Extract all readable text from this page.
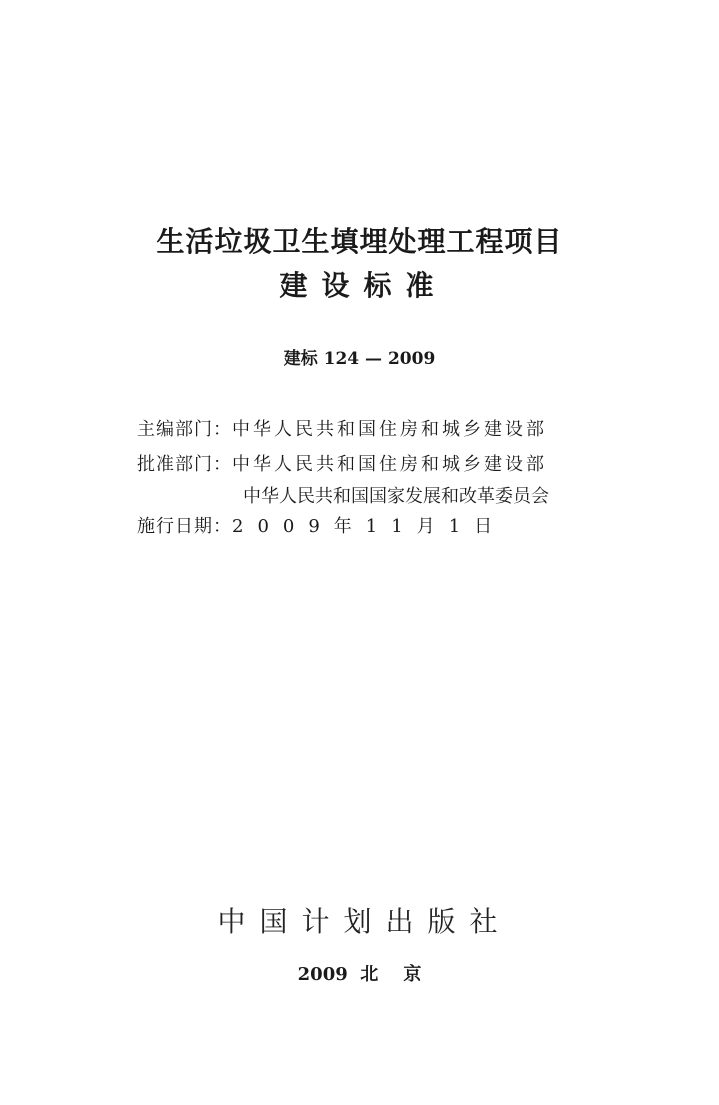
生活垃圾卫生填埋处理工程项目
建设标准
建标 124 — 2009
主编部门：中华人民共和国住房和城乡建设部
批准部门：中华人民共和国住房和城乡建设部
中华人民共和国国家发展和改革委员会
施行日期：2009年11月1日
中国计划出版社
2009  北    京
